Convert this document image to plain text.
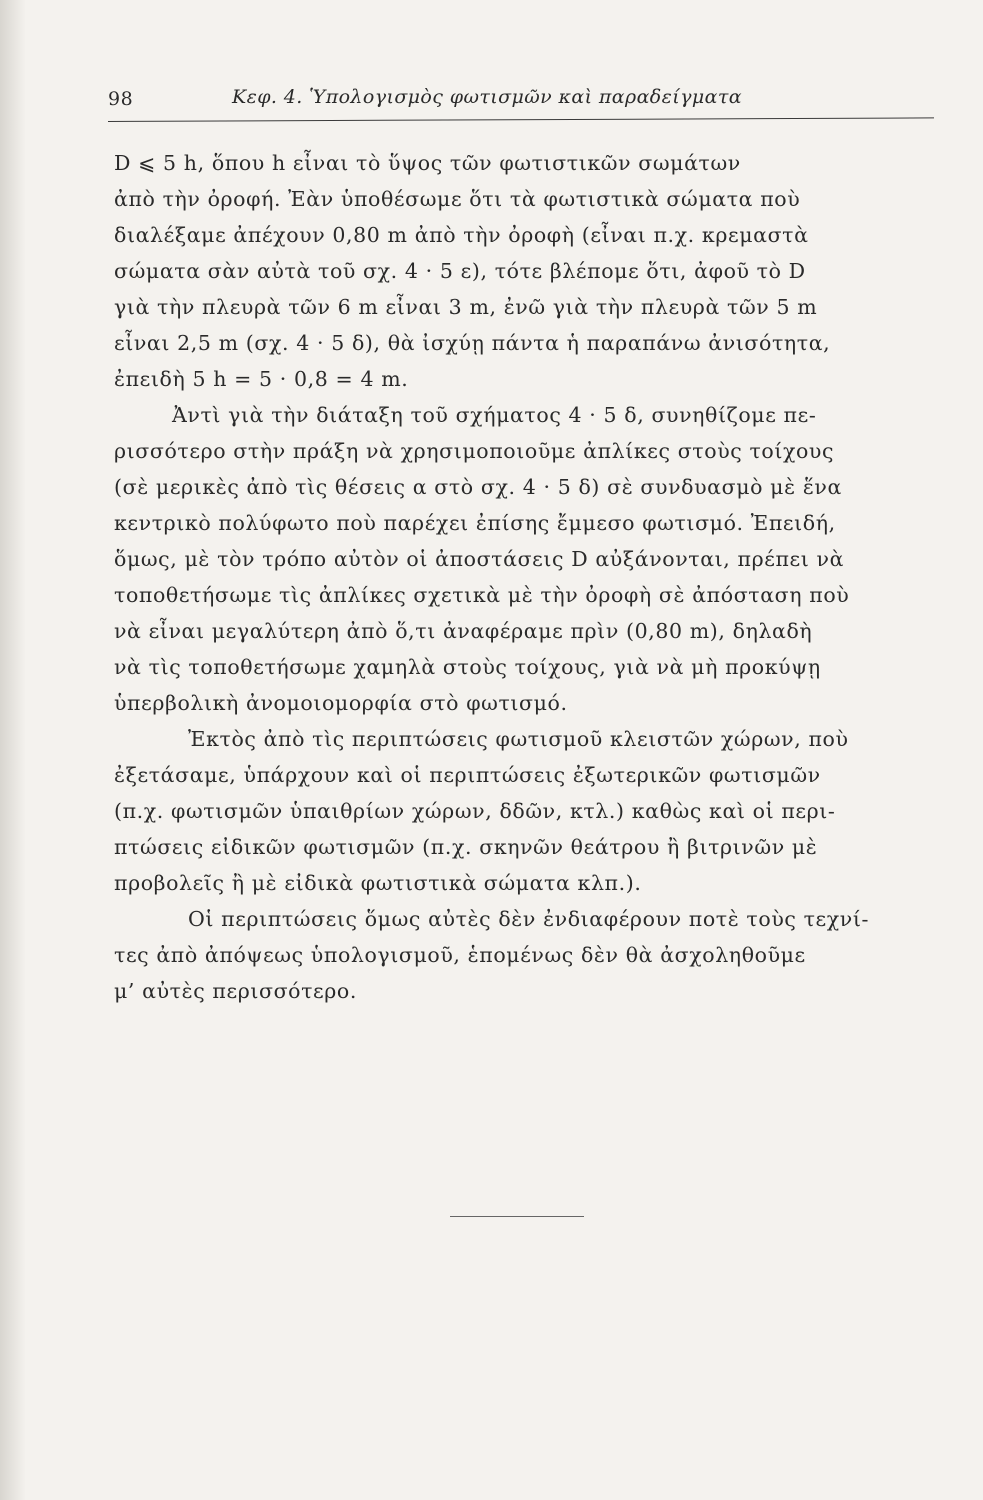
98	Κεφ. 4. Ὑπολογισμὸς φωτισμῶν καὶ παραδείγματα
D ⩽ 5 h, ὅπου h εἶναι τὸ ὕψος τῶν φωτιστικῶν σωμάτων
ἀπὸ τὴν ὀροφή. Ἐὰν ὑποθέσωμε ὅτι τὰ φωτιστικὰ σώματα ποὺ
διαλέξαμε ἀπέχουν 0,80 m ἀπὸ τὴν ὀροφὴ (εἶναι π.χ. κρεμαστὰ
σώματα σὰν αὐτὰ τοῦ σχ. 4 · 5 ε), τότε βλέπομε ὅτι, ἀφοῦ τὸ D
γιὰ τὴν πλευρὰ τῶν 6 m εἶναι 3 m, ἐνῶ γιὰ τὴν πλευρὰ τῶν 5 m
εἶναι 2,5 m (σχ. 4 · 5 δ), θὰ ἰσχύῃ πάντα ἡ παραπάνω ἀνισότητα,
ἐπειδὴ 5 h = 5 · 0,8 = 4 m.
Ἀντὶ γιὰ τὴν διάταξη τοῦ σχήματος 4 · 5 δ, συνηθίζομε πε-
ρισσότερο στὴν πράξη νὰ χρησιμοποιοῦμε ἀπλίκες στοὺς τοίχους
(σὲ μερικὲς ἀπὸ τὶς θέσεις α στὸ σχ. 4 · 5 δ) σὲ συνδυασμὸ μὲ ἕνα
κεντρικὸ πολύφωτο ποὺ παρέχει ἐπίσης ἔμμεσο φωτισμό. Ἐπειδή,
ὅμως, μὲ τὸν τρόπο αὐτὸν οἱ ἀποστάσεις D αὐξάνονται, πρέπει νὰ
τοποθετήσωμε τὶς ἀπλίκες σχετικὰ μὲ τὴν ὀροφὴ σὲ ἀπόσταση ποὺ
νὰ εἶναι μεγαλύτερη ἀπὸ ὅ,τι ἀναφέραμε πρὶν (0,80 m), δηλαδὴ
νὰ τὶς τοποθετήσωμε χαμηλὰ στοὺς τοίχους, γιὰ νὰ μὴ προκύψῃ
ὑπερβολικὴ ἀνομοιομορφία στὸ φωτισμό.
Ἐκτὸς ἀπὸ τὶς περιπτώσεις φωτισμοῦ κλειστῶν χώρων, ποὺ
ἐξετάσαμε, ὑπάρχουν καὶ οἱ περιπτώσεις ἐξωτερικῶν φωτισμῶν
(π.χ. φωτισμῶν ὑπαιθρίων χώρων, δδῶν, κτλ.) καθὼς καὶ οἱ περι-
πτώσεις εἰδικῶν φωτισμῶν (π.χ. σκηνῶν θεάτρου ἢ βιτρινῶν μὲ
προβολεῖς ἢ μὲ εἰδικὰ φωτιστικὰ σώματα κλπ.).
Οἱ περιπτώσεις ὅμως αὐτὲς δὲν ἐνδιαφέρουν ποτὲ τοὺς τεχνί-
τες ἀπὸ ἀπόψεως ὑπολογισμοῦ, ἑπομένως δὲν θὰ ἀσχοληθοῦμε
μ’ αὐτὲς περισσότερο.
